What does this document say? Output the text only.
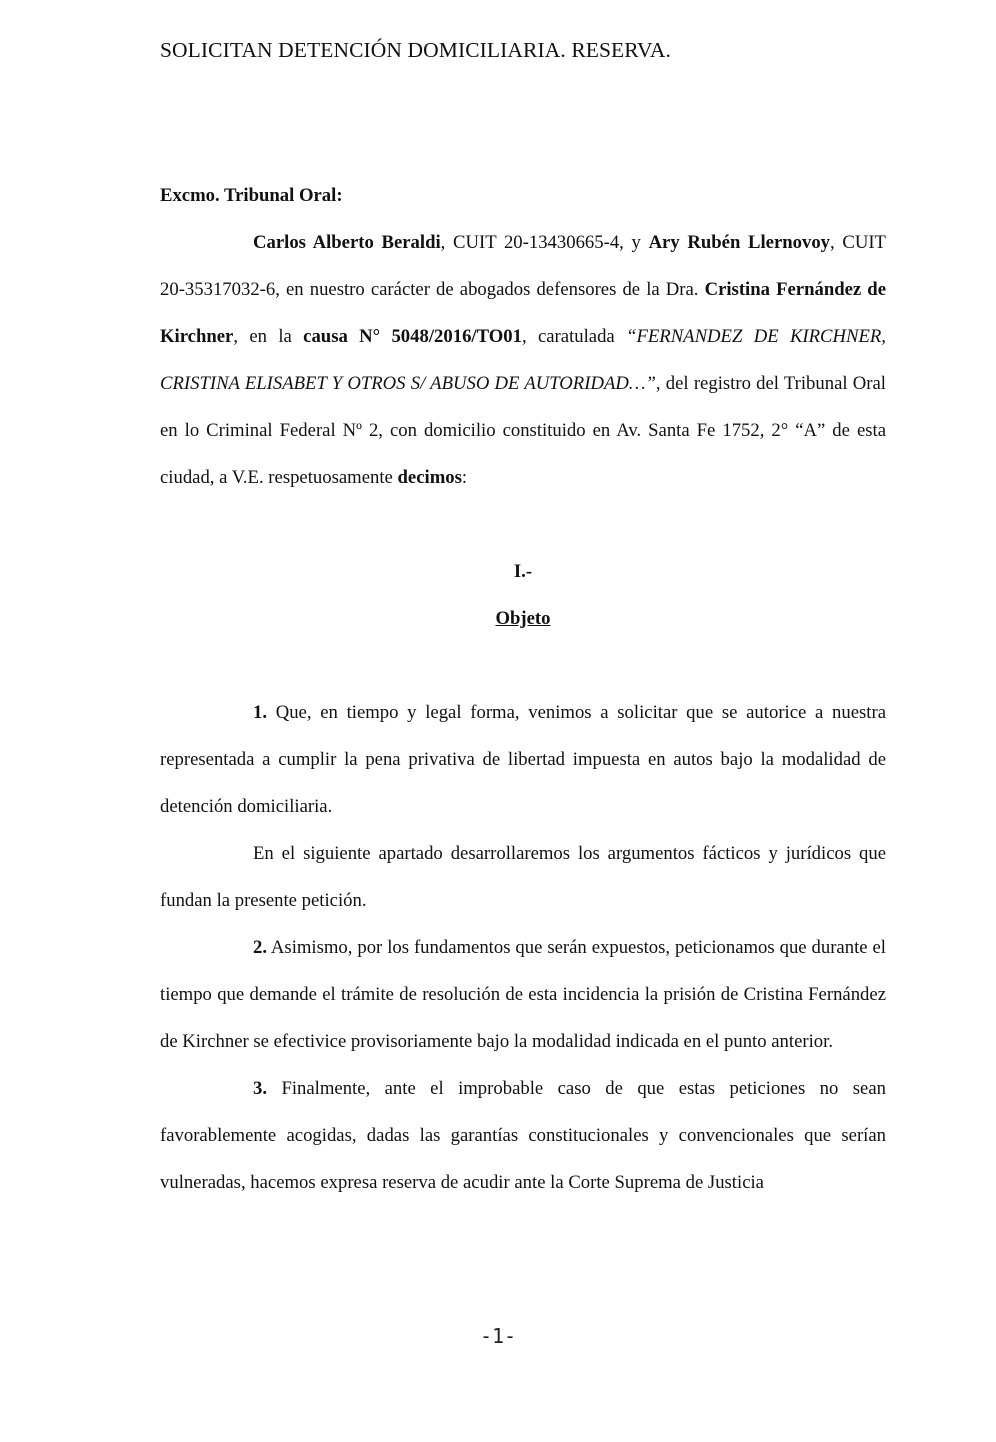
SOLICITAN DETENCIÓN DOMICILIARIA. RESERVA.

Excmo. Tribunal Oral:

Carlos Alberto Beraldi, CUIT 20-13430665-4, y Ary Rubén Llernovoy, CUIT 20-35317032-6, en nuestro carácter de abogados defensores de la Dra. Cristina Fernández de Kirchner, en la causa N° 5048/2016/TO01, caratulada “FERNANDEZ DE KIRCHNER, CRISTINA ELISABET Y OTROS S/ ABUSO DE AUTORIDAD…”, del registro del Tribunal Oral en lo Criminal Federal Nº 2, con domicilio constituido en Av. Santa Fe 1752, 2° “A” de esta ciudad, a V.E. respetuosamente decimos:

I.-

Objeto

1. Que, en tiempo y legal forma, venimos a solicitar que se autorice a nuestra representada a cumplir la pena privativa de libertad impuesta en autos bajo la modalidad de detención domiciliaria.

En el siguiente apartado desarrollaremos los argumentos fácticos y jurídicos que fundan la presente petición.

2. Asimismo, por los fundamentos que serán expuestos, peticionamos que durante el tiempo que demande el trámite de resolución de esta incidencia la prisión de Cristina Fernández de Kirchner se efectivice provisoriamente bajo la modalidad indicada en el punto anterior.

3. Finalmente, ante el improbable caso de que estas peticiones no sean favorablemente acogidas, dadas las garantías constitucionales y convencionales que serían vulneradas, hacemos expresa reserva de acudir ante la Corte Suprema de Justicia

-1-
